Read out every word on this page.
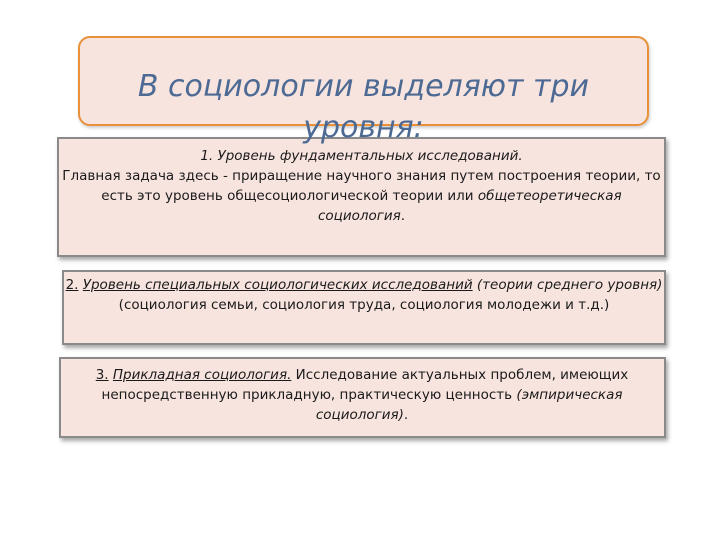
В социологии выделяют три уровня:

1. Уровень фундаментальных исследований.
Главная задача здесь - приращение научного знания путем построения теории, то есть это уровень общесоциологической теории или общетеоретическая социология.

2. Уровень специальных социологических исследований (теории среднего уровня) (социология семьи, социология труда, социология молодежи и т.д.)

3. Прикладная социология. Исследование актуальных проблем, имеющих непосредственную прикладную, практическую ценность (эмпирическая социология).
